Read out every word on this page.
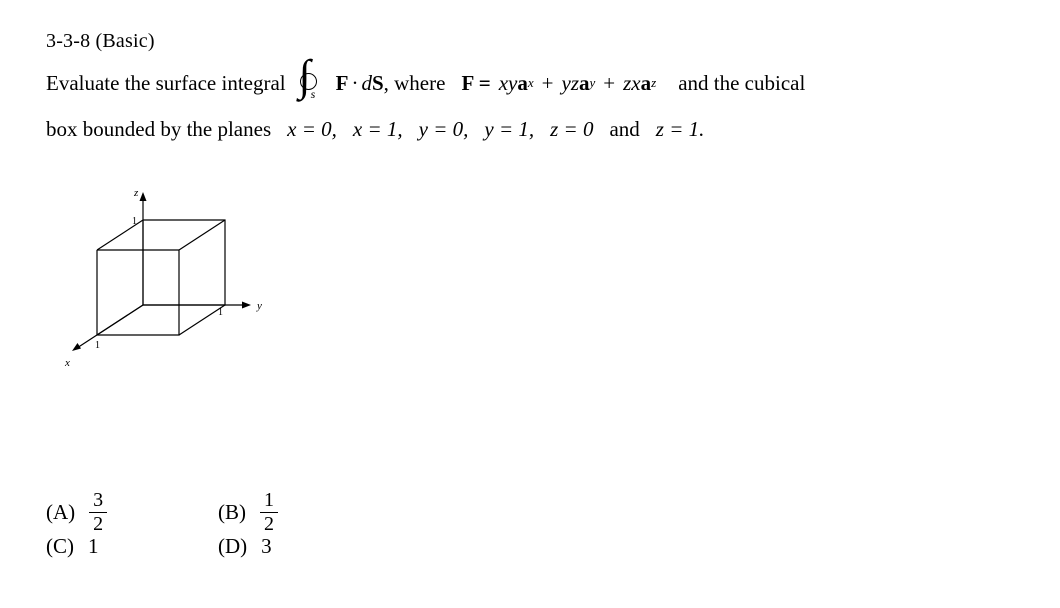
3-3-8 (Basic)
Evaluate the surface integral ∫ s F · d S , where F = xy a x + yz a y + zx a z and the cubical
box bounded by the planes x = 0, x = 1, y = 0, y = 1, z = 0 and z = 1.
z
y
x
1
1
1
$(A) \frac{3}{2}$	$(B) \frac{1}{2}$
(C) 1	(D) 3
